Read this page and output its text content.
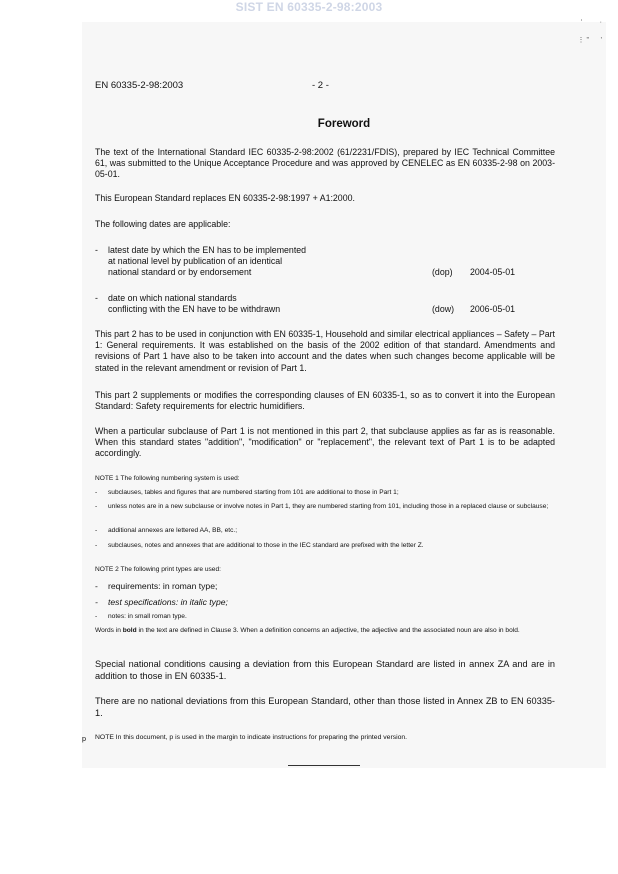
SIST EN 60335-2-98:2003
‘         ·

⋮ ”      ’
EN 60335-2-98:2003	- 2 -
Foreword
The text of the International Standard IEC 60335-2-98:2002 (61/2231/FDIS), prepared by IEC Technical Committee 61, was submitted to the Unique Acceptance Procedure and was approved by CENELEC as EN 60335-2-98 on 2003-05-01.
This European Standard replaces EN 60335-2-98:1997 + A1:2000.
The following dates are applicable:
- latest date by which the EN has to be implemented
at national level by publication of an identical
national standard or by endorsement	(dop) 2004-05-01
- date on which national standards
conflicting with the EN have to be withdrawn	(dow) 2006-05-01
This part 2 has to be used in conjunction with EN 60335-1, Household and similar electrical appliances – Safety – Part 1: General requirements. It was established on the basis of the 2002 edition of that standard. Amendments and revisions of Part 1 have also to be taken into account and the dates when such changes become applicable will be stated in the relevant amendment or revision of Part 1.
This part 2 supplements or modifies the corresponding clauses of EN 60335-1, so as to convert it into the European Standard: Safety requirements for electric humidifiers.
When a particular subclause of Part 1 is not mentioned in this part 2, that subclause applies as far as is reasonable. When this standard states "addition", "modification" or "replacement", the relevant text of Part 1 is to be adapted accordingly.
NOTE 1 The following numbering system is used:
- subclauses, tables and figures that are numbered starting from 101 are additional to those in Part 1;
- unless notes are in a new subclause or involve notes in Part 1, they are numbered starting from 101, including those in a replaced clause or subclause;
- additional annexes are lettered AA, BB, etc.;
- subclauses, notes and annexes that are additional to those in the IEC standard are prefixed with the letter Z.
NOTE 2 The following print types are used:
- requirements: in roman type;
- test specifications: in italic type;
- notes: in small roman type.
Words in bold in the text are defined in Clause 3. When a definition concerns an adjective, the adjective and the associated noun are also in bold.
Special national conditions causing a deviation from this European Standard are listed in annex ZA and are in addition to those in EN 60335-1.
There are no national deviations from this European Standard, other than those listed in Annex ZB to EN 60335-1.
p NOTE In this document, p is used in the margin to indicate instructions for preparing the printed version.
